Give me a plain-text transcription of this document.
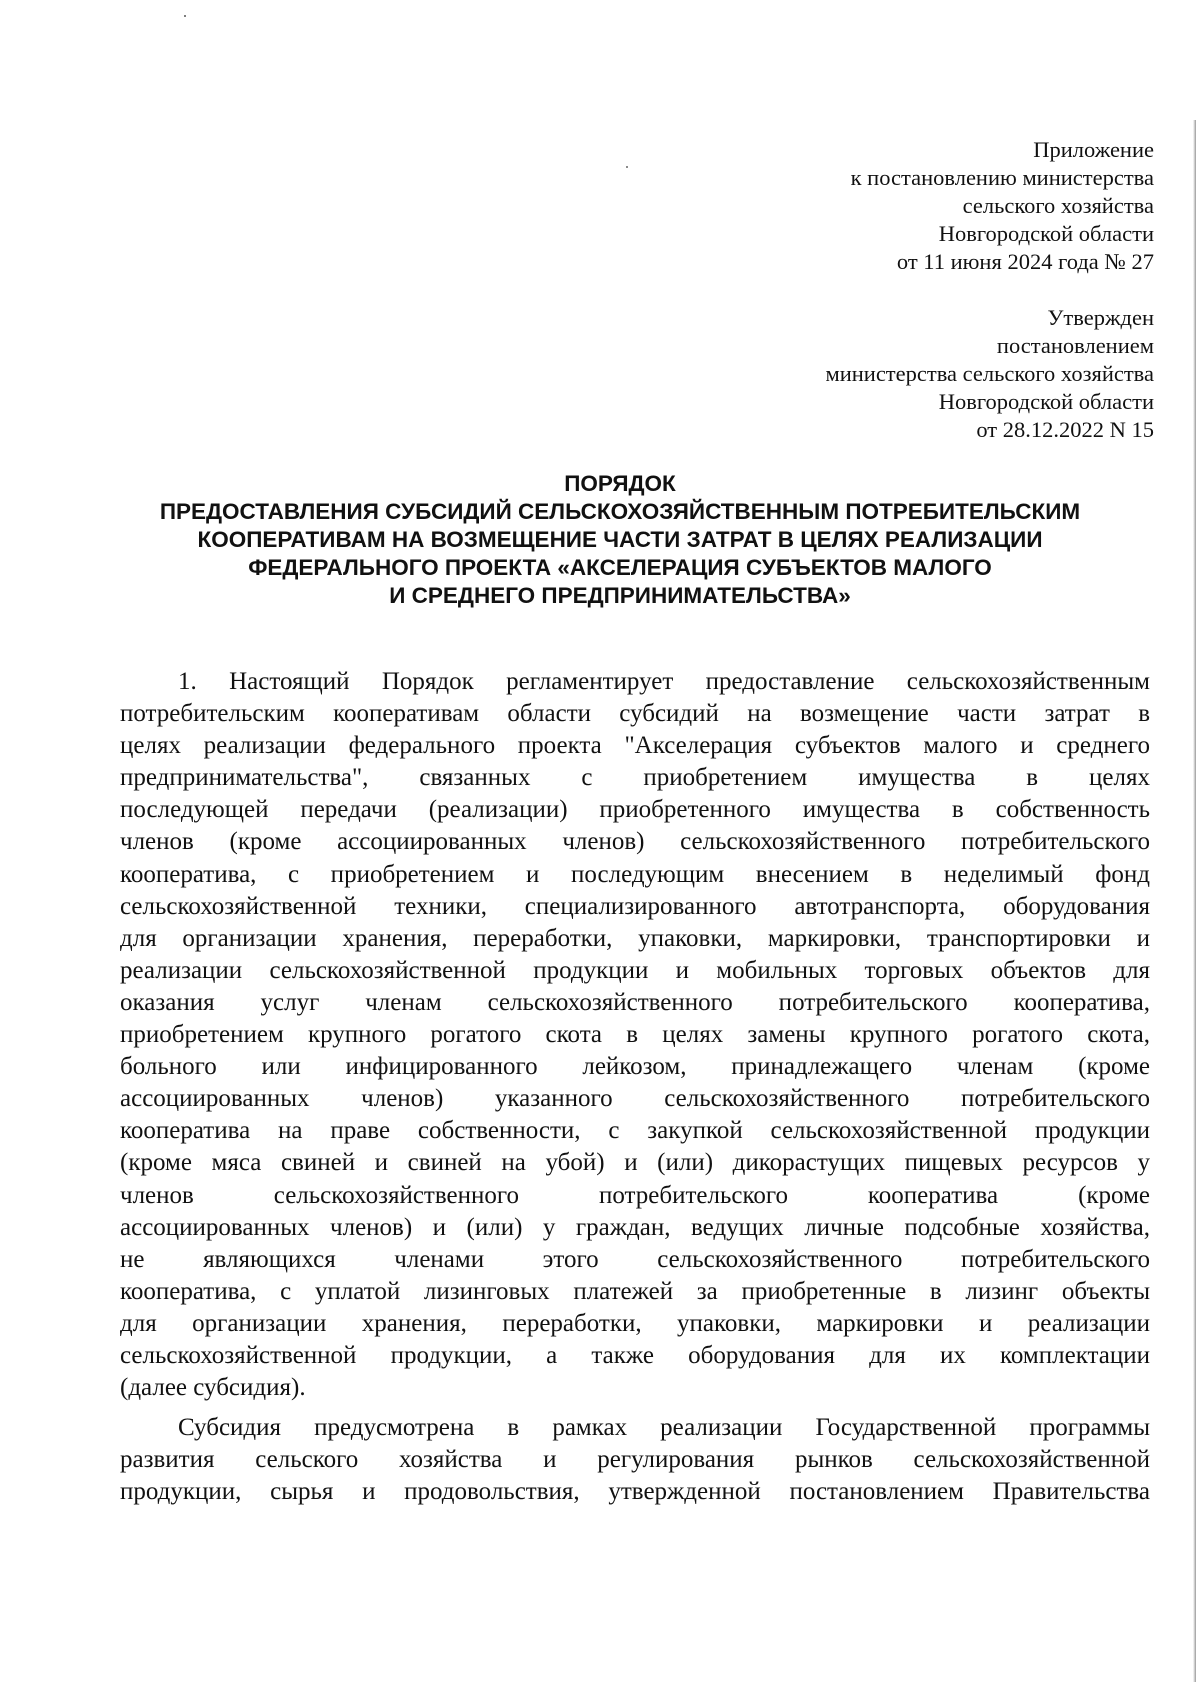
Приложение
к постановлению министерства
сельского хозяйства
Новгородской области
от 11 июня 2024 года № 27
Утвержден
постановлением
министерства сельского хозяйства
Новгородской области
от 28.12.2022 N 15
ПОРЯДОК
ПРЕДОСТАВЛЕНИЯ СУБСИДИЙ СЕЛЬСКОХОЗЯЙСТВЕННЫМ ПОТРЕБИТЕЛЬСКИМ
КООПЕРАТИВАМ НА ВОЗМЕЩЕНИЕ ЧАСТИ ЗАТРАТ В ЦЕЛЯХ РЕАЛИЗАЦИИ
ФЕДЕРАЛЬНОГО ПРОЕКТА «АКСЕЛЕРАЦИЯ СУБЪЕКТОВ МАЛОГО
И СРЕДНЕГО ПРЕДПРИНИМАТЕЛЬСТВА»
1. Настоящий Порядок регламентирует предоставление сельскохозяйственным
потребительским кооперативам области субсидий на возмещение части затрат в
целях реализации федерального проекта "Акселерация субъектов малого и среднего
предпринимательства", связанных с приобретением имущества в целях
последующей передачи (реализации) приобретенного имущества в собственность
членов (кроме ассоциированных членов) сельскохозяйственного потребительского
кооператива, с приобретением и последующим внесением в неделимый фонд
сельскохозяйственной техники, специализированного автотранспорта, оборудования
для организации хранения, переработки, упаковки, маркировки, транспортировки и
реализации сельскохозяйственной продукции и мобильных торговых объектов для
оказания услуг членам сельскохозяйственного потребительского кооператива,
приобретением крупного рогатого скота в целях замены крупного рогатого скота,
больного или инфицированного лейкозом, принадлежащего членам (кроме
ассоциированных членов) указанного сельскохозяйственного потребительского
кооператива на праве собственности, с закупкой сельскохозяйственной продукции
(кроме мяса свиней и свиней на убой) и (или) дикорастущих пищевых ресурсов у
членов сельскохозяйственного потребительского кооператива (кроме
ассоциированных членов) и (или) у граждан, ведущих личные подсобные хозяйства,
не являющихся членами этого сельскохозяйственного потребительского
кооператива, с уплатой лизинговых платежей за приобретенные в лизинг объекты
для организации хранения, переработки, упаковки, маркировки и реализации
сельскохозяйственной продукции, а также оборудования для их комплектации
(далее субсидия).
Субсидия предусмотрена в рамках реализации Государственной программы
развития сельского хозяйства и регулирования рынков сельскохозяйственной
продукции, сырья и продовольствия, утвержденной постановлением Правительства
